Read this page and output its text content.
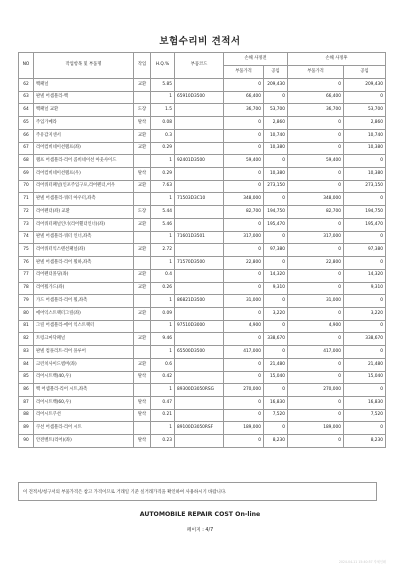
보험수리비 견적서
NO	작업항목 및 부품명	작업	H.Q.%	부품코드	손해 사정전		손해 사정후	
					부품가격	공임	부품가격	공임
62	백패널	교환	5.85		0	209,430	0	209,430
63	판넬 어셈블리-백		1	65910D3500	66,400	0	66,400	0
64	백패널 교환	도장	1.5		36,700	53,700	36,700	53,700
65	주입가메라	탈착	0.08		0	2,860	0	2,860
66	주유감지센서	교환	0.3		0	10,740	0	10,740
67	리어컴비네이션램프(좌)	교환	0.29		0	10,380	0	10,380
68	램프 어셈블리-리어 콤비네이션 아웃사이드		1	92401D3500	59,400	0	59,400	0
69	리어컴비네이션램프(우)	탈착	0.29		0	10,380	0	10,380
70	리어쿼터패널(인포주입구포,리어펜더,어우	교환	7.63		0	273,150	0	273,150
71	판넬 어셈블리-쿼터 아우터,좌측		1	71503D3C10	348,000	0	348,000	0
72	리어펜더(좌) 교환	도장	5.44		82,700	194,750	82,700	194,750
73	리어쿼터패널인너(리어휀더인너)(좌)	교환	5.46		0	195,470	0	195,470
74	판넬 어셈블리-쿼터 인너,좌측		1	71601D3501	317,000	0	317,000	0
75	리어쿼터익스텐션패널(좌)	교환	2.72		0	97,380	0	97,380
76	판넬 어셈블리-리어 휠하,좌측		1	71570D3500	22,800	0	22,800	0
77	리어펜더몰딩(좌)	교환	0.4		0	14,320	0	14,320
78	리어휠가드(좌)	교환	0.26		0	9,310	0	9,310
79	가드 어셈블리-리어 휠,좌측		1	86821D3500	31,000	0	31,000	0
80	에어익스트랙터그릴(좌)	교환	0.09		0	3,220	0	3,220
81	그릴 어셈블리-에어 익스트랙터		1	97510D3000	4,900	0	4,900	0
82	트렁크마닥패널	교환	9.46		0	338,670	0	338,670
83	판넬 컴플리트-리어 플루어		1	65500D3500	417,000	0	417,000	0
84	크런치사이드멤버(좌)	교환	0.6		0	21,480	0	21,480
85	리어시트백(40,우)	탈착	0.42		0	15,040	0	15,040
86	백 어셈블리-리어 시트,좌측		1	89300D3050RSG	270,000	0	270,000	0
87	리어시트백(60,우)	탈착	0.47		0	16,830	0	16,830
88	리어시트쿠션	탈착	0.21		0	7,520	0	7,520
89	쿠션 어셈블리-리어 시트		1	89100D3050RSF	189,000	0	189,000	0
90	안전벨트(리어)(좌)	탈착	0.23		0	8,230	0	8,230
이 견적서/청구서의 부품가격은 참고 가격이므로 거래일 기준 실거래가격을 확인하여 사용하시기 바랍니다.
AUTOMOBILE REPAIR COST On-line
페이지 : 4/7
2024-04-11 15:40:57 자체인쇄
